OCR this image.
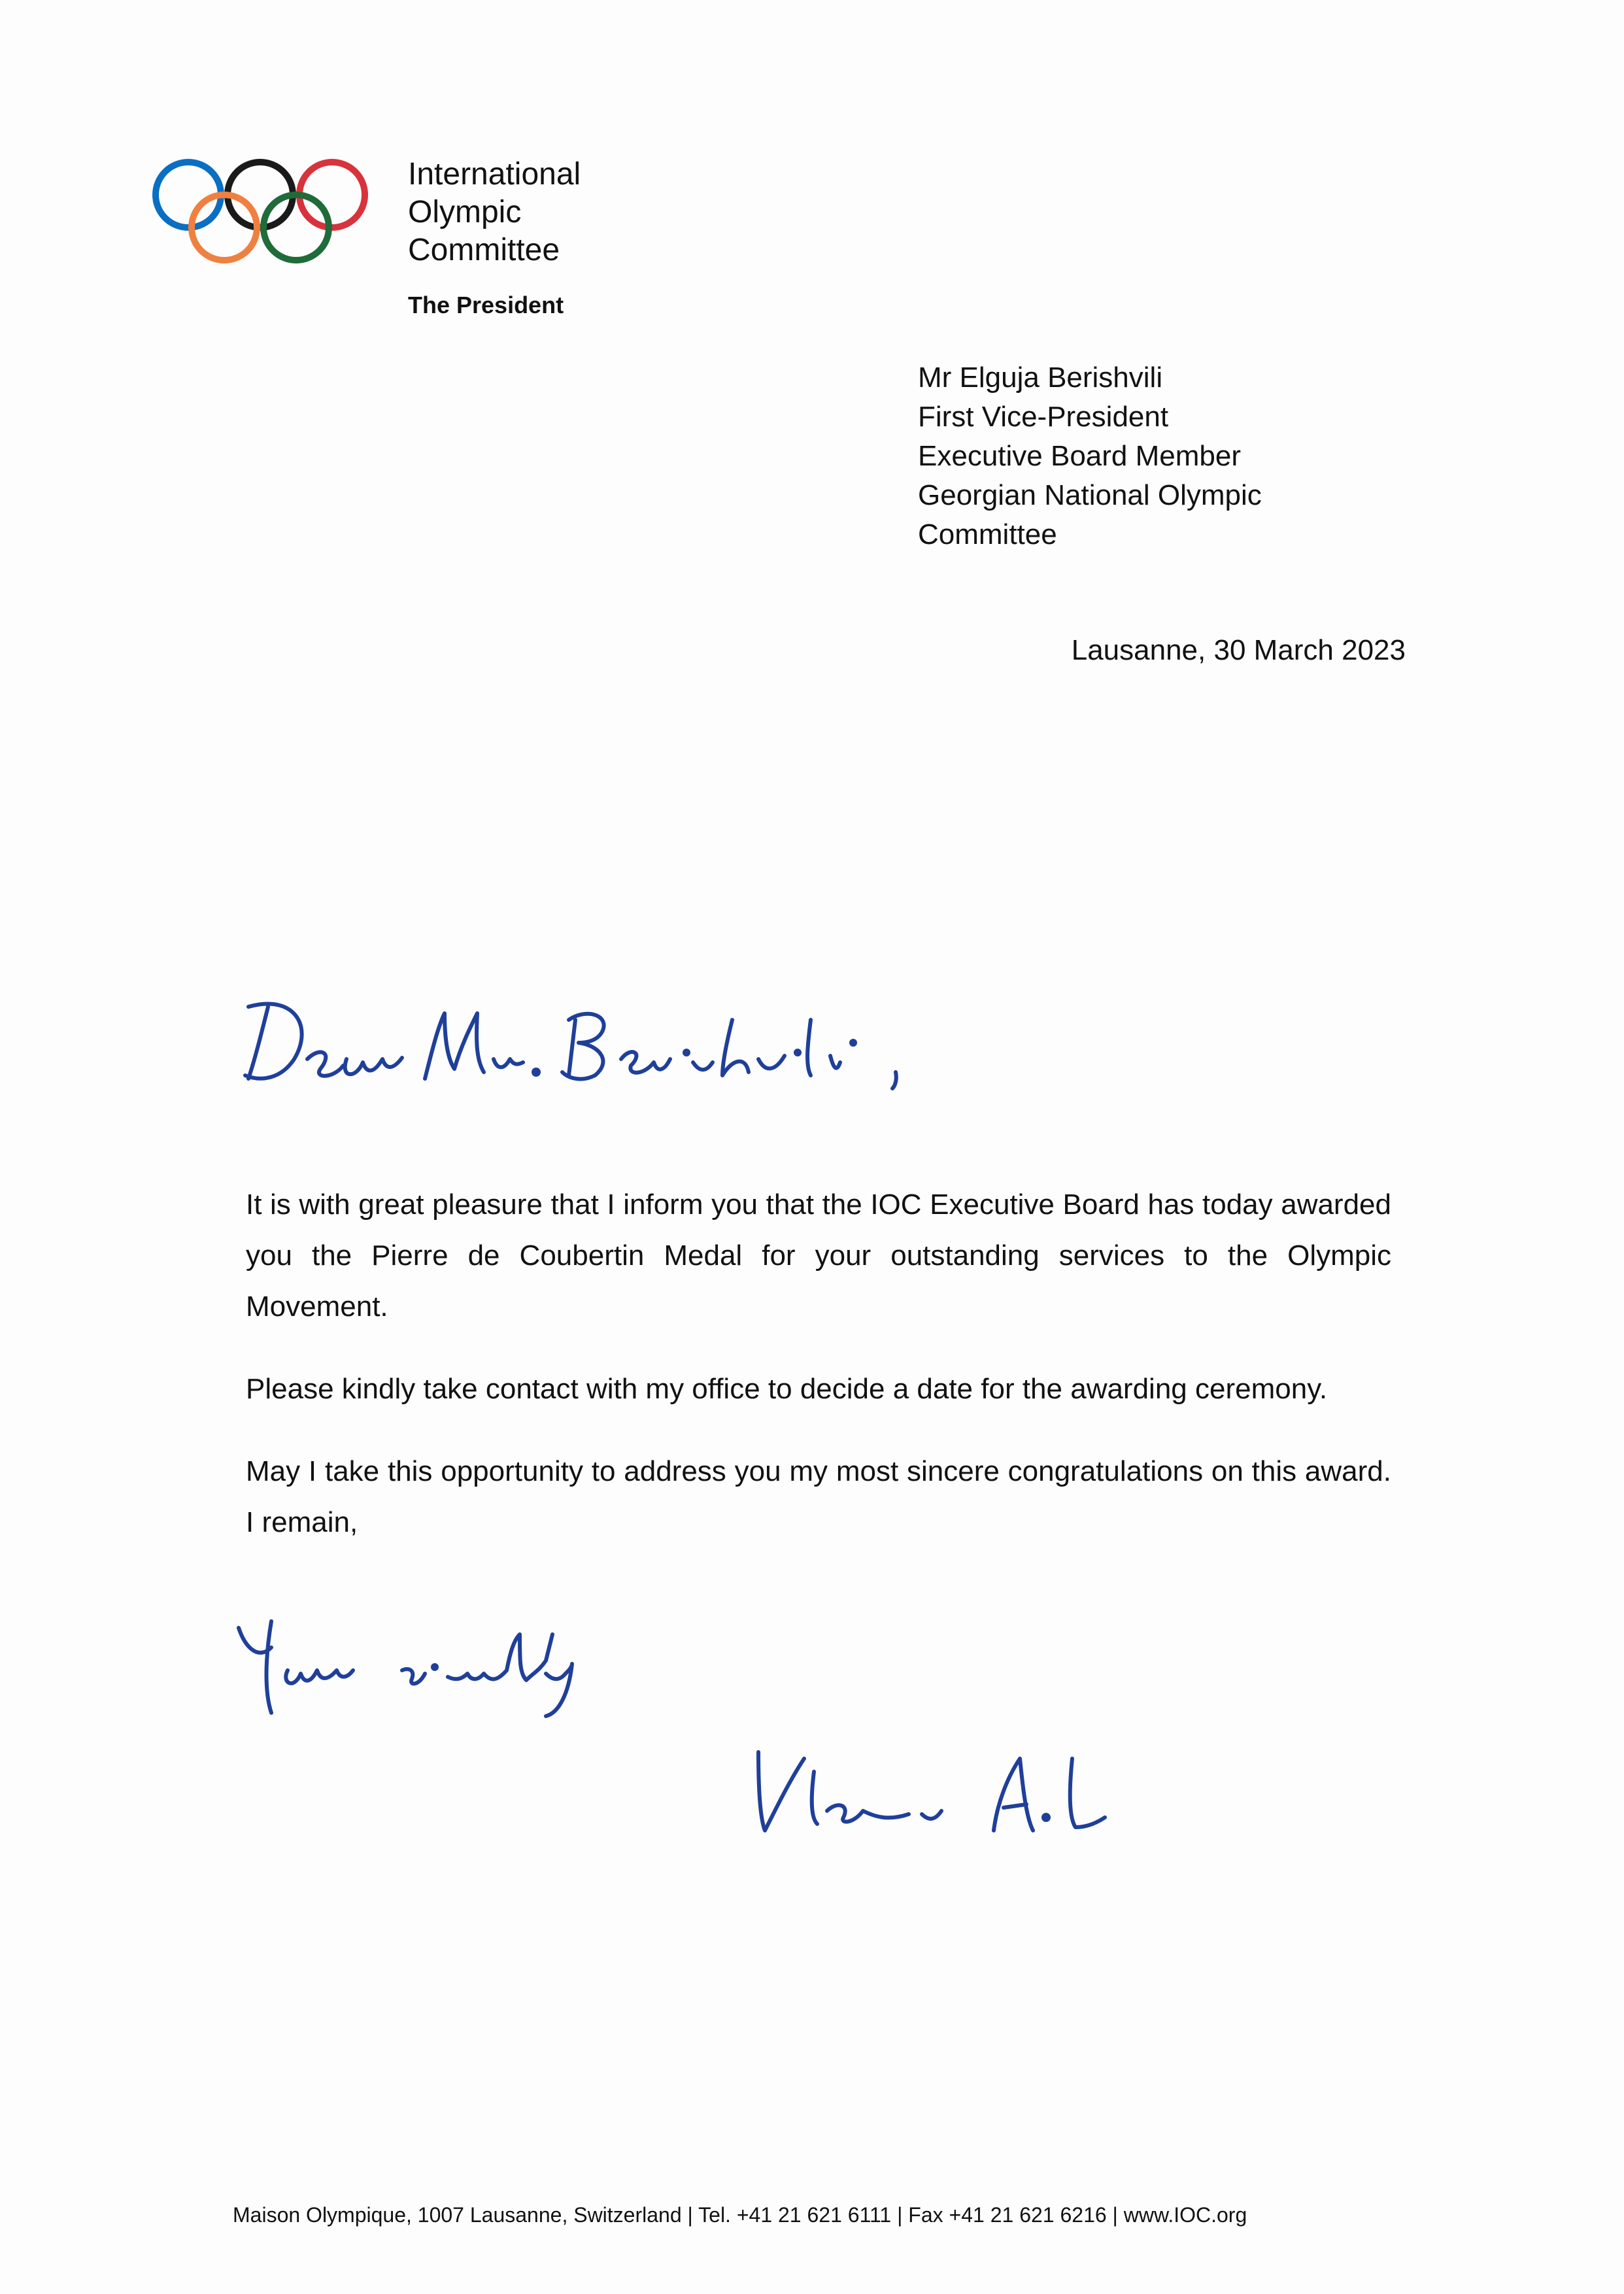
International
Olympic
Committee
The President
Mr Elguja Berishvili
First Vice-President
Executive Board Member
Georgian National Olympic
Committee
Lausanne, 30 March 2023

It is with great pleasure that I inform you that the IOC Executive Board has today awarded you the Pierre de Coubertin Medal for your outstanding services to the Olympic Movement.

Please kindly take contact with my office to decide a date for the awarding ceremony.

May I take this opportunity to address you my most sincere congratulations on this award. I remain,

Maison Olympique, 1007 Lausanne, Switzerland | Tel. +41 21 621 6111 | Fax +41 21 621 6216 | www.IOC.org
